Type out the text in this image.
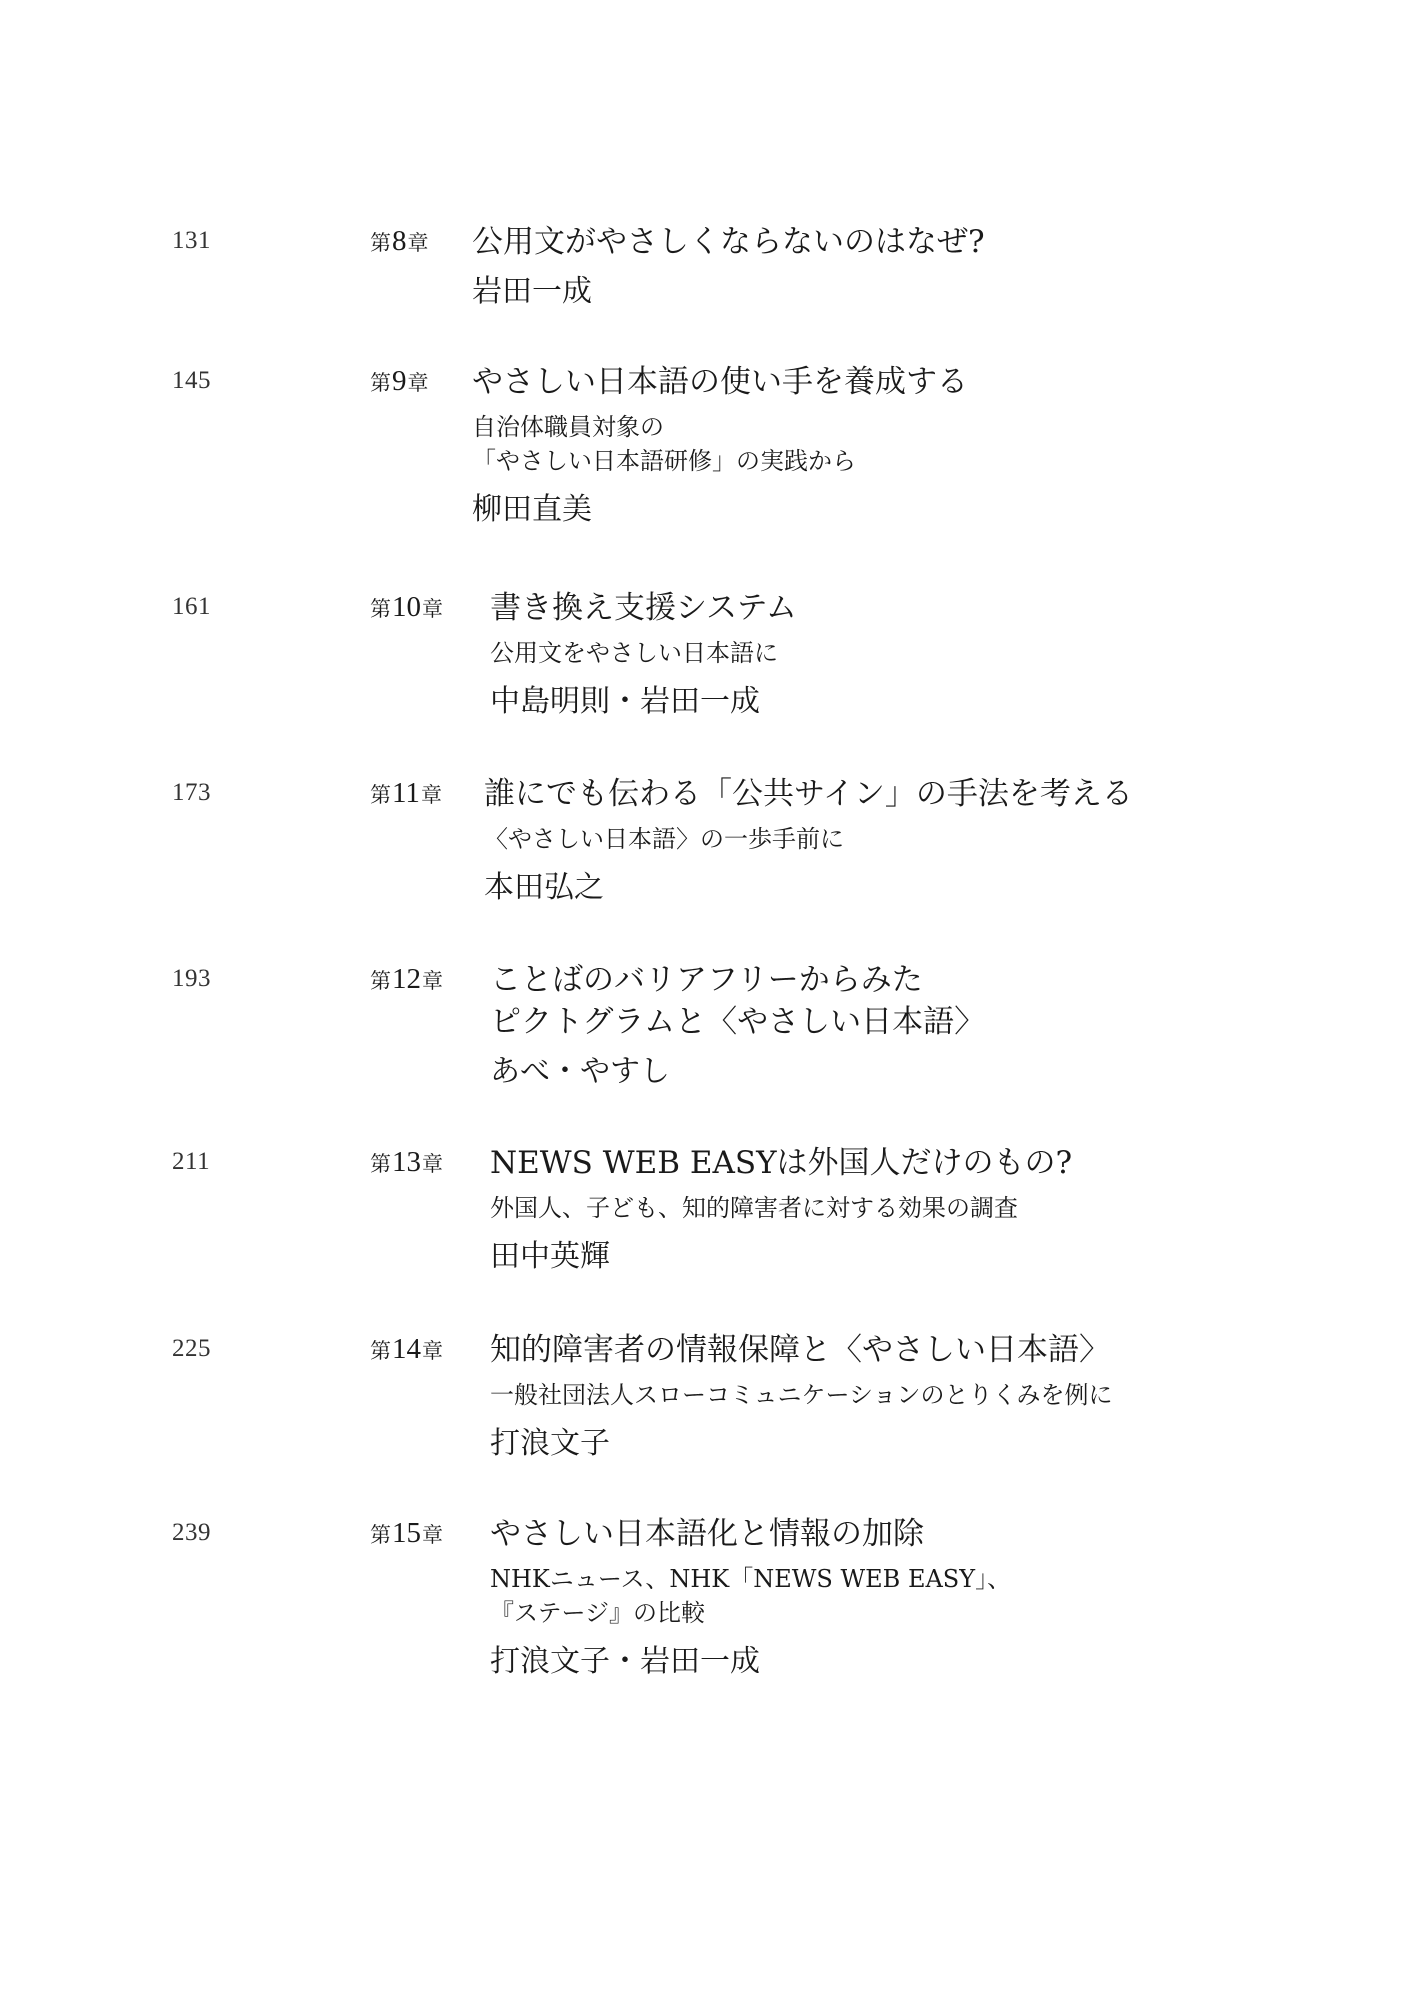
131	第8章 公用文がやさしくならないのはなぜ?
岩田一成
145	第9章 やさしい日本語の使い手を養成する
自治体職員対象の
「やさしい日本語研修」の実践から
柳田直美
161	第10章 書き換え支援システム
公用文をやさしい日本語に
中島明則・岩田一成
173	第11章 誰にでも伝わる「公共サイン」の手法を考える
〈やさしい日本語〉の一歩手前に
本田弘之
193	第12章 ことばのバリアフリーからみた
ピクトグラムと〈やさしい日本語〉
あべ・やすし
211	第13章 NEWS WEB EASYは外国人だけのもの?
外国人、子ども、知的障害者に対する効果の調査
田中英輝
225	第14章 知的障害者の情報保障と〈やさしい日本語〉
一般社団法人スローコミュニケーションのとりくみを例に
打浪文子
239	第15章 やさしい日本語化と情報の加除
NHKニュース、NHK「NEWS WEB EASY」、
『ステージ』の比較
打浪文子・岩田一成
